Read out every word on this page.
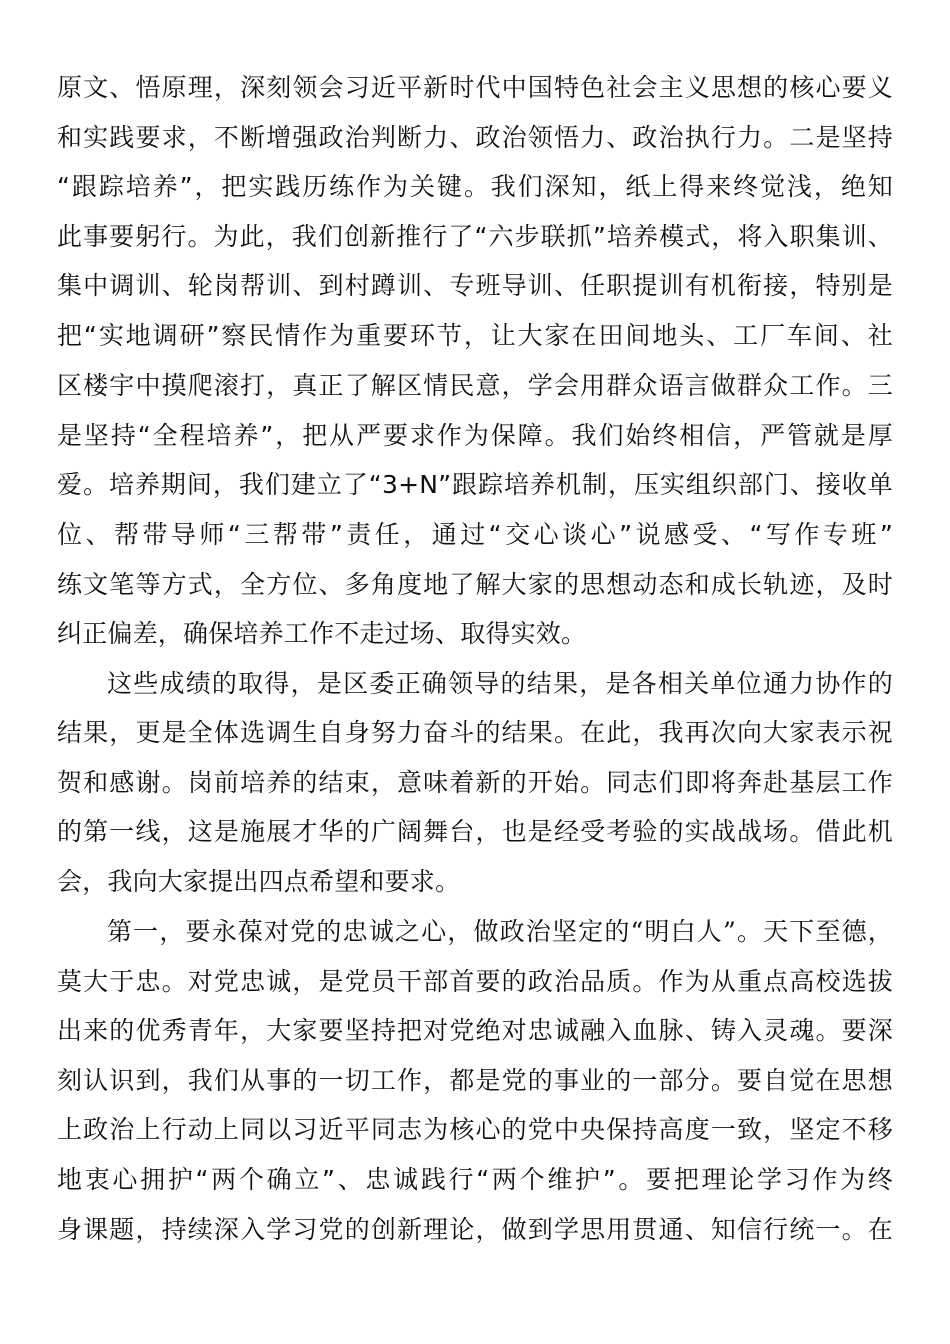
原文、悟原理，深刻领会习近平新时代中国特色社会主义思想的核心要义
和实践要求，不断增强政治判断力、政治领悟力、政治执行力。二是坚持
“跟踪培养”，把实践历练作为关键。我们深知，纸上得来终觉浅，绝知
此事要躬行。为此，我们创新推行了“六步联抓”培养模式，将入职集训、
集中调训、轮岗帮训、到村蹲训、专班导训、任职提训有机衔接，特别是
把“实地调研”察民情作为重要环节，让大家在田间地头、工厂车间、社
区楼宇中摸爬滚打，真正了解区情民意，学会用群众语言做群众工作。三
是坚持“全程培养”，把从严要求作为保障。我们始终相信，严管就是厚
爱。培养期间，我们建立了“3+N”跟踪培养机制，压实组织部门、接收单
位、帮带导师“三帮带”责任，通过“交心谈心”说感受、“写作专班”
练文笔等方式，全方位、多角度地了解大家的思想动态和成长轨迹，及时
纠正偏差，确保培养工作不走过场、取得实效。
这些成绩的取得，是区委正确领导的结果，是各相关单位通力协作的
结果，更是全体选调生自身努力奋斗的结果。在此，我再次向大家表示祝
贺和感谢。岗前培养的结束，意味着新的开始。同志们即将奔赴基层工作
的第一线，这是施展才华的广阔舞台，也是经受考验的实战战场。借此机
会，我向大家提出四点希望和要求。
第一，要永葆对党的忠诚之心，做政治坚定的“明白人”。天下至德，
莫大于忠。对党忠诚，是党员干部首要的政治品质。作为从重点高校选拔
出来的优秀青年，大家要坚持把对党绝对忠诚融入血脉、铸入灵魂。要深
刻认识到，我们从事的一切工作，都是党的事业的一部分。要自觉在思想
上政治上行动上同以习近平同志为核心的党中央保持高度一致，坚定不移
地衷心拥护“两个确立”、忠诚践行“两个维护”。要把理论学习作为终
身课题，持续深入学习党的创新理论，做到学思用贯通、知信行统一。在
